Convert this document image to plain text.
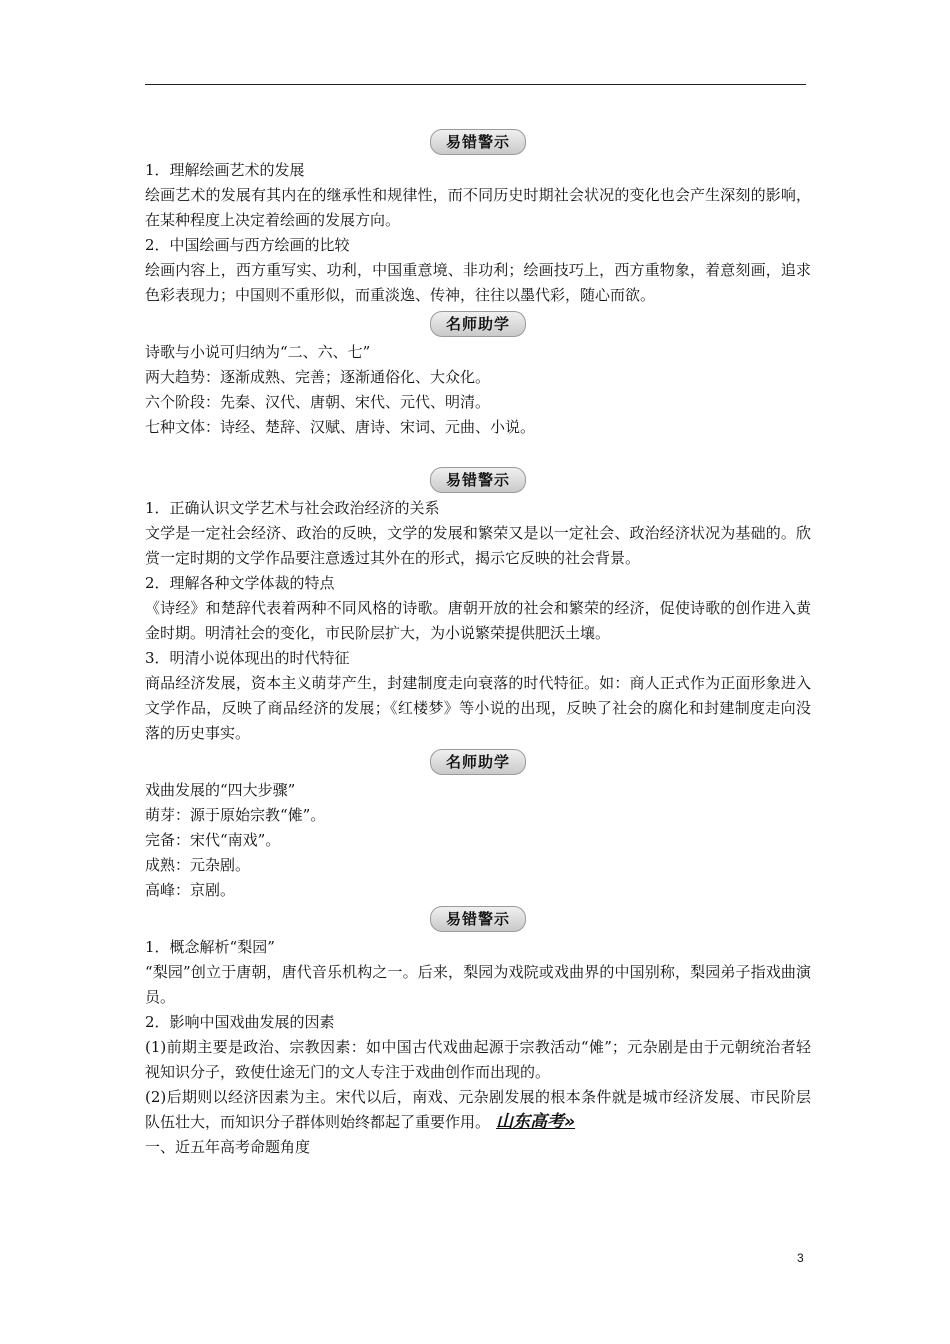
易错警示
1．理解绘画艺术的发展
绘画艺术的发展有其内在的继承性和规律性，而不同历史时期社会状况的变化也会产生深刻的影响，在某种程度上决定着绘画的发展方向。
2．中国绘画与西方绘画的比较
绘画内容上，西方重写实、功利，中国重意境、非功利；绘画技巧上，西方重物象，着意刻画，追求色彩表现力；中国则不重形似，而重淡逸、传神，往往以墨代彩，随心而欲。
名师助学
诗歌与小说可归纳为“二、六、七”
两大趋势：逐渐成熟、完善；逐渐通俗化、大众化。
六个阶段：先秦、汉代、唐朝、宋代、元代、明清。
七种文体：诗经、楚辞、汉赋、唐诗、宋词、元曲、小说。
易错警示
1．正确认识文学艺术与社会政治经济的关系
文学是一定社会经济、政治的反映，文学的发展和繁荣又是以一定社会、政治经济状况为基础的。欣赏一定时期的文学作品要注意透过其外在的形式，揭示它反映的社会背景。
2．理解各种文学体裁的特点
《诗经》和楚辞代表着两种不同风格的诗歌。唐朝开放的社会和繁荣的经济，促使诗歌的创作进入黄金时期。明清社会的变化，市民阶层扩大，为小说繁荣提供肥沃土壤。
3．明清小说体现出的时代特征
商品经济发展，资本主义萌芽产生，封建制度走向衰落的时代特征。如：商人正式作为正面形象进入文学作品，反映了商品经济的发展；《红楼梦》等小说的出现，反映了社会的腐化和封建制度走向没落的历史事实。
名师助学
戏曲发展的“四大步骤”
萌芽：源于原始宗教“傩”。
完备：宋代“南戏”。
成熟：元杂剧。
高峰：京剧。
易错警示
1．概念解析“梨园”
“梨园”创立于唐朝，唐代音乐机构之一。后来，梨园为戏院或戏曲界的中国别称，梨园弟子指戏曲演员。
2．影响中国戏曲发展的因素
(1)前期主要是政治、宗教因素：如中国古代戏曲起源于宗教活动“傩”；元杂剧是由于元朝统治者轻视知识分子，致使仕途无门的文人专注于戏曲创作而出现的。
(2)后期则以经济因素为主。宋代以后，南戏、元杂剧发展的根本条件就是城市经济发展、市民阶层队伍壮大，而知识分子群体则始终都起了重要作用。 山东高考»
一、近五年高考命题角度
3
